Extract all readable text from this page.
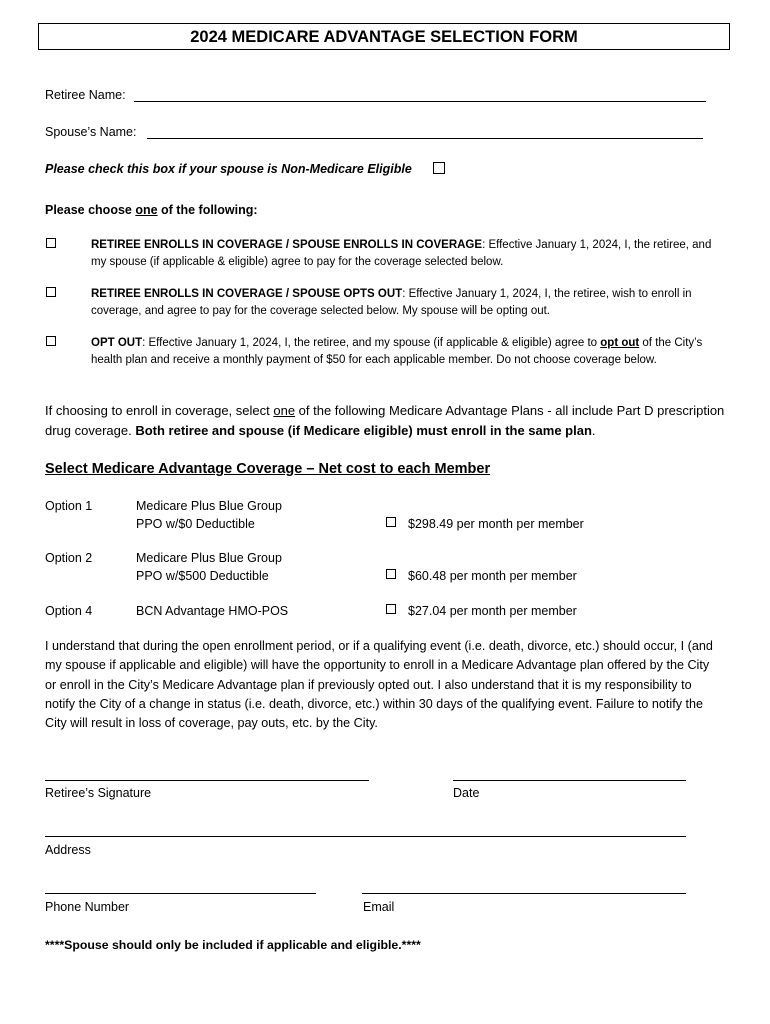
2024 MEDICARE ADVANTAGE SELECTION FORM
Retiree Name:
Spouse’s Name:
Please check this box if your spouse is Non-Medicare Eligible
Please choose one of the following:
RETIREE ENROLLS IN COVERAGE / SPOUSE ENROLLS IN COVERAGE: Effective January 1, 2024, I, the retiree, and my spouse (if applicable & eligible) agree to pay for the coverage selected below.
RETIREE ENROLLS IN COVERAGE / SPOUSE OPTS OUT: Effective January 1, 2024, I, the retiree, wish to enroll in coverage, and agree to pay for the coverage selected below. My spouse will be opting out.
OPT OUT: Effective January 1, 2024, I, the retiree, and my spouse (if applicable & eligible) agree to opt out of the City’s health plan and receive a monthly payment of $50 for each applicable member. Do not choose coverage below.
If choosing to enroll in coverage, select one of the following Medicare Advantage Plans - all include Part D prescription drug coverage. Both retiree and spouse (if Medicare eligible) must enroll in the same plan.
Select Medicare Advantage Coverage – Net cost to each Member
Option 1	Medicare Plus Blue Group
PPO w/$0 Deductible	$298.49 per month per member
Option 2	Medicare Plus Blue Group
PPO w/$500 Deductible	$60.48 per month per member
Option 4	BCN Advantage HMO-POS	$27.04 per month per member
I understand that during the open enrollment period, or if a qualifying event (i.e. death, divorce, etc.) should occur, I (and my spouse if applicable and eligible) will have the opportunity to enroll in a Medicare Advantage plan offered by the City or enroll in the City’s Medicare Advantage plan if previously opted out. I also understand that it is my responsibility to notify the City of a change in status (i.e. death, divorce, etc.) within 30 days of the qualifying event. Failure to notify the City will result in loss of coverage, pay outs, etc. by the City.
Retiree’s Signature	Date
Address
Phone Number	Email
****Spouse should only be included if applicable and eligible.****
